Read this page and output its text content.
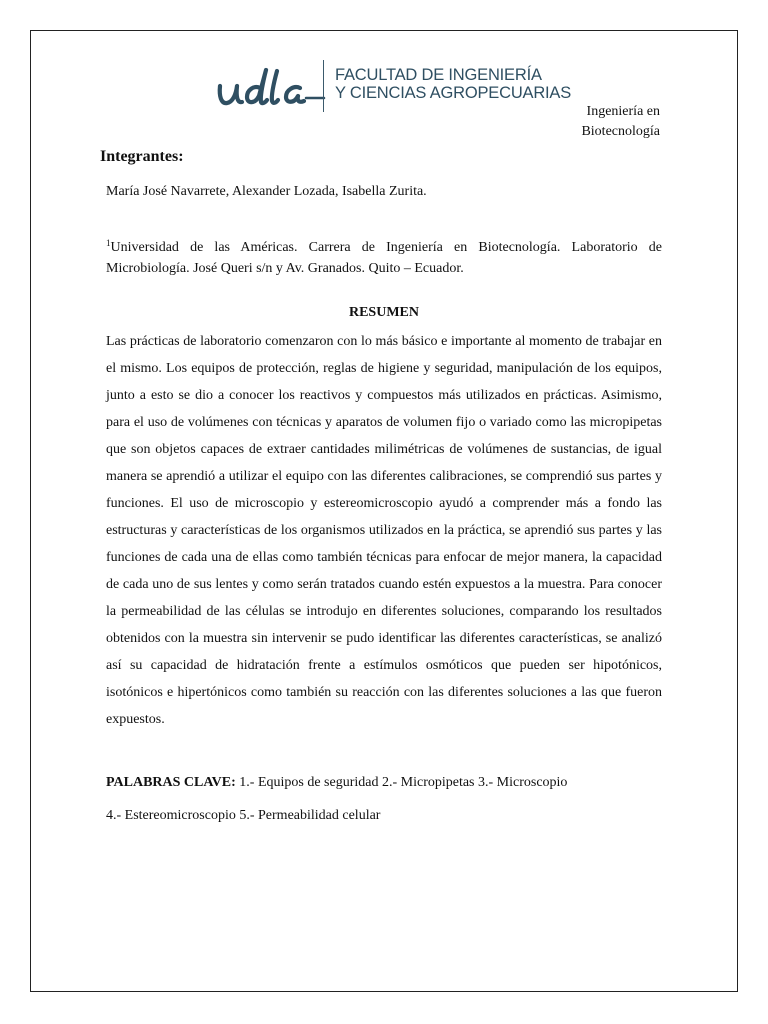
FACULTAD DE INGENIERÍA
Y CIENCIAS AGROPECUARIAS
Ingeniería en
Biotecnología
Integrantes:
María José Navarrete, Alexander Lozada, Isabella Zurita.
$^1$Universidad de las Américas. Carrera de Ingeniería en Biotecnología. Laboratorio de Microbiología. José Queri s/n y Av. Granados. Quito – Ecuador.
RESUMEN
Las prácticas de laboratorio comenzaron con lo más básico e importante al momento de trabajar en el mismo. Los equipos de protección, reglas de higiene y seguridad, manipulación de los equipos, junto a esto se dio a conocer los reactivos y compuestos más utilizados en prácticas. Asimismo, para el uso de volúmenes con técnicas y aparatos de volumen fijo o variado como las micropipetas que son objetos capaces de extraer cantidades milimétricas de volúmenes de sustancias, de igual manera se aprendió a utilizar el equipo con las diferentes calibraciones, se comprendió sus partes y funciones. El uso de microscopio y estereomicroscopio ayudó a comprender más a fondo las estructuras y características de los organismos utilizados en la práctica, se aprendió sus partes y las funciones de cada una de ellas como también técnicas para enfocar de mejor manera, la capacidad de cada uno de sus lentes y como serán tratados cuando estén expuestos a la muestra. Para conocer la permeabilidad de las células se introdujo en diferentes soluciones, comparando los resultados obtenidos con la muestra sin intervenir se pudo identificar las diferentes características, se analizó así su capacidad de hidratación frente a estímulos osmóticos que pueden ser hipotónicos, isotónicos e hipertónicos como también su reacción con las diferentes soluciones a las que fueron expuestos.
PALABRAS CLAVE: 1.- Equipos de seguridad 2.- Micropipetas 3.- Microscopio
4.- Estereomicroscopio 5.- Permeabilidad celular
